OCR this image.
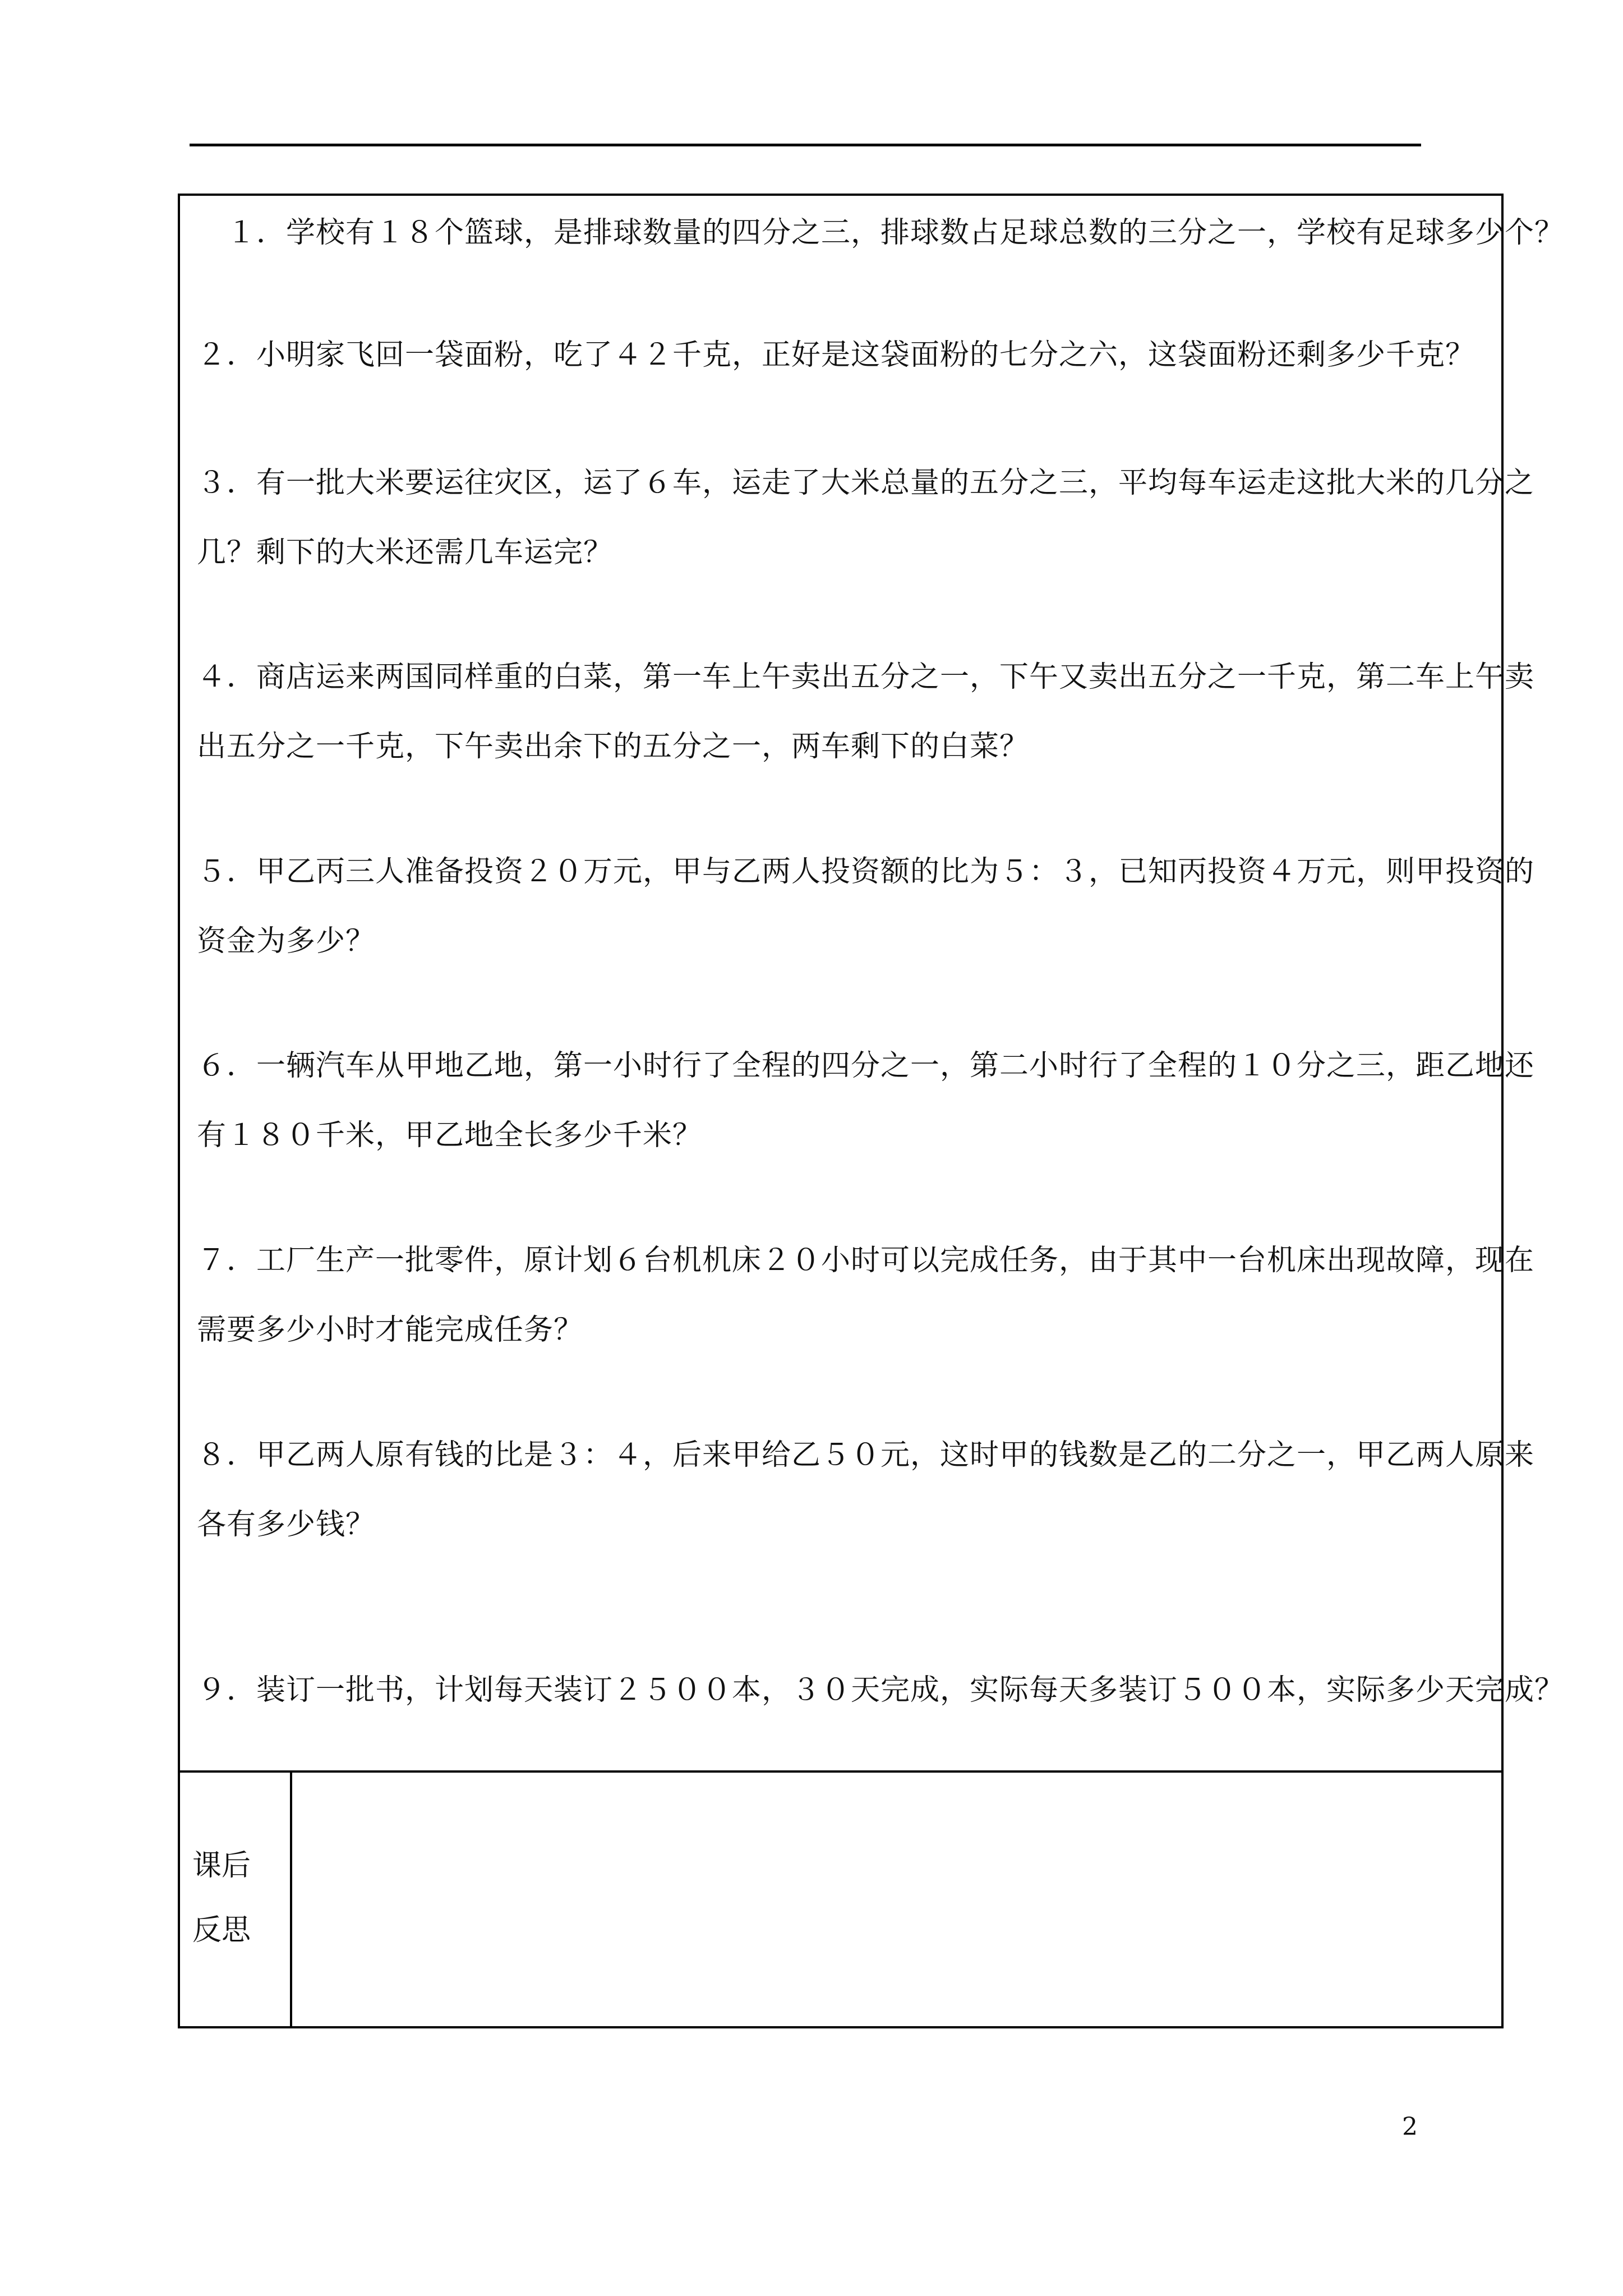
　１．学校有１８个篮球，是排球数量的四分之三，排球数占足球总数的三分之一，学校有足球多少个？

２．小明家飞回一袋面粉，吃了４２千克，正好是这袋面粉的七分之六，这袋面粉还剩多少千克？

３．有一批大米要运往灾区，运了６车，运走了大米总量的五分之三，平均每车运走这批大米的几分之
几？剩下的大米还需几车运完？

４．商店运来两国同样重的白菜，第一车上午卖出五分之一，下午又卖出五分之一千克，第二车上午卖
出五分之一千克，下午卖出余下的五分之一，两车剩下的白菜？

５．甲乙丙三人准备投资２０万元，甲与乙两人投资额的比为５：３，已知丙投资４万元，则甲投资的
资金为多少？

６．一辆汽车从甲地乙地，第一小时行了全程的四分之一，第二小时行了全程的１０分之三，距乙地还
有１８０千米，甲乙地全长多少千米？

７．工厂生产一批零件，原计划６台机机床２０小时可以完成任务，由于其中一台机床出现故障，现在
需要多少小时才能完成任务？

８．甲乙两人原有钱的比是３：４，后来甲给乙５０元，这时甲的钱数是乙的二分之一，甲乙两人原来
各有多少钱？

９．装订一批书，计划每天装订２５００本，３０天完成，实际每天多装订５００本，实际多少天完成？

课后

反思

2
